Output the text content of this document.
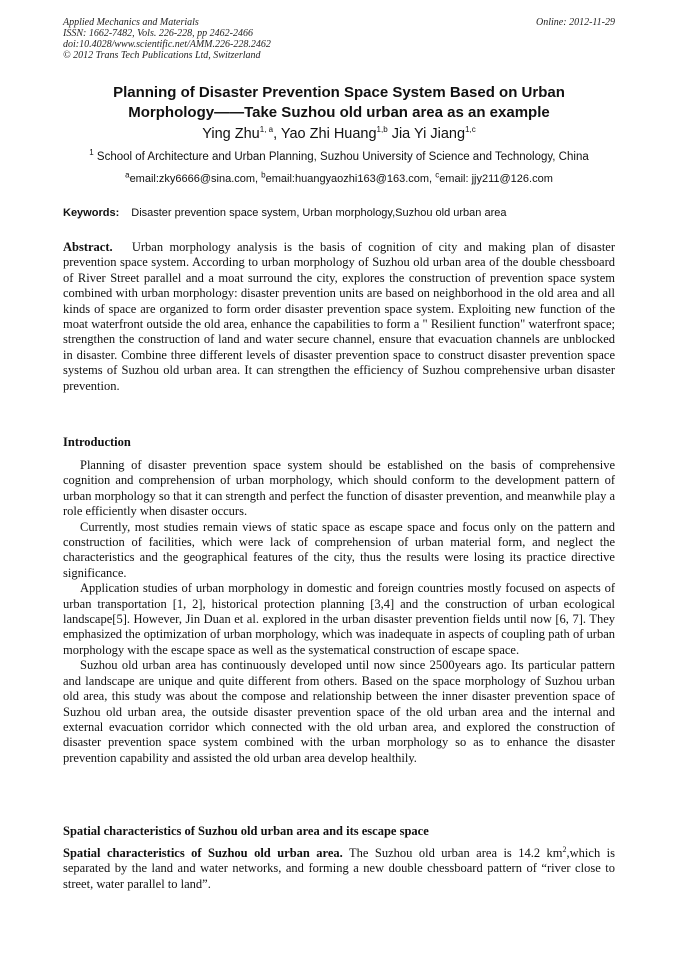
Applied Mechanics and Materials
ISSN: 1662-7482, Vols. 226-228, pp 2462-2466
doi:10.4028/www.scientific.net/AMM.226-228.2462
© 2012 Trans Tech Publications Ltd, Switzerland
Online: 2012-11-29
Planning of Disaster Prevention Space System Based on Urban
Morphology——Take Suzhou old urban area as an example
Ying Zhu$^{1, a}$, Yao Zhi Huang$^{1,b}$ Jia Yi Jiang$^{1,c}$
$^1$ School of Architecture and Urban Planning, Suzhou University of Science and Technology, China
$^a$email:zky6666@sina.com, $^b$email:huangyaozhi163@163.com, $^c$email: jjy211@126.com
Keywords: Disaster prevention space system, Urban morphology,Suzhou old urban area

Abstract. Urban morphology analysis is the basis of cognition of city and making plan of disaster prevention space system. According to urban morphology of Suzhou old urban area of the double chessboard of River Street parallel and a moat surround the city, explores the construction of prevention space system combined with urban morphology: disaster prevention units are based on neighborhood in the old area and all kinds of space are organized to form order disaster prevention space system. Exploiting new function of the moat waterfront outside the old area, enhance the capabilities to form a " Resilient function" waterfront space; strengthen the construction of land and water secure channel, ensure that evacuation channels are unblocked in disaster. Combine three different levels of disaster prevention space to construct disaster prevention space systems of Suzhou old urban area. It can strengthen the efficiency of Suzhou comprehensive urban disaster prevention.

Introduction

Planning of disaster prevention space system should be established on the basis of comprehensive cognition and comprehension of urban morphology, which should conform to the development pattern of urban morphology so that it can strength and perfect the function of disaster prevention, and meanwhile play a role efficiently when disaster occurs.

Currently, most studies remain views of static space as escape space and focus only on the pattern and construction of facilities, which were lack of comprehension of urban material form, and neglect the characteristics and the geographical features of the city, thus the results were losing its practice directive significance.

Application studies of urban morphology in domestic and foreign countries mostly focused on aspects of urban transportation [1, 2], historical protection planning [3,4] and the construction of urban ecological landscape[5]. However, Jin Duan et al. explored in the urban disaster prevention fields until now [6, 7]. They emphasized the optimization of urban morphology, which was inadequate in aspects of coupling path of urban morphology with the escape space as well as the systematical construction of escape space.

Suzhou old urban area has continuously developed until now since 2500years ago. Its particular pattern and landscape are unique and quite different from others. Based on the space morphology of Suzhou urban old area, this study was about the compose and relationship between the inner disaster prevention space of Suzhou old urban area, the outside disaster prevention space of the old urban area and the internal and external evacuation corridor which connected with the old urban area, and explored the construction of disaster prevention space system combined with the urban morphology so as to enhance the disaster prevention capability and assisted the old urban area develop healthily.

Spatial characteristics of Suzhou old urban area and its escape space

Spatial characteristics of Suzhou old urban area. The Suzhou old urban area is 14.2 $km^2,which$ is separated by the land and water networks, and forming a new double chessboard pattern of “river close to street, water parallel to land”.
